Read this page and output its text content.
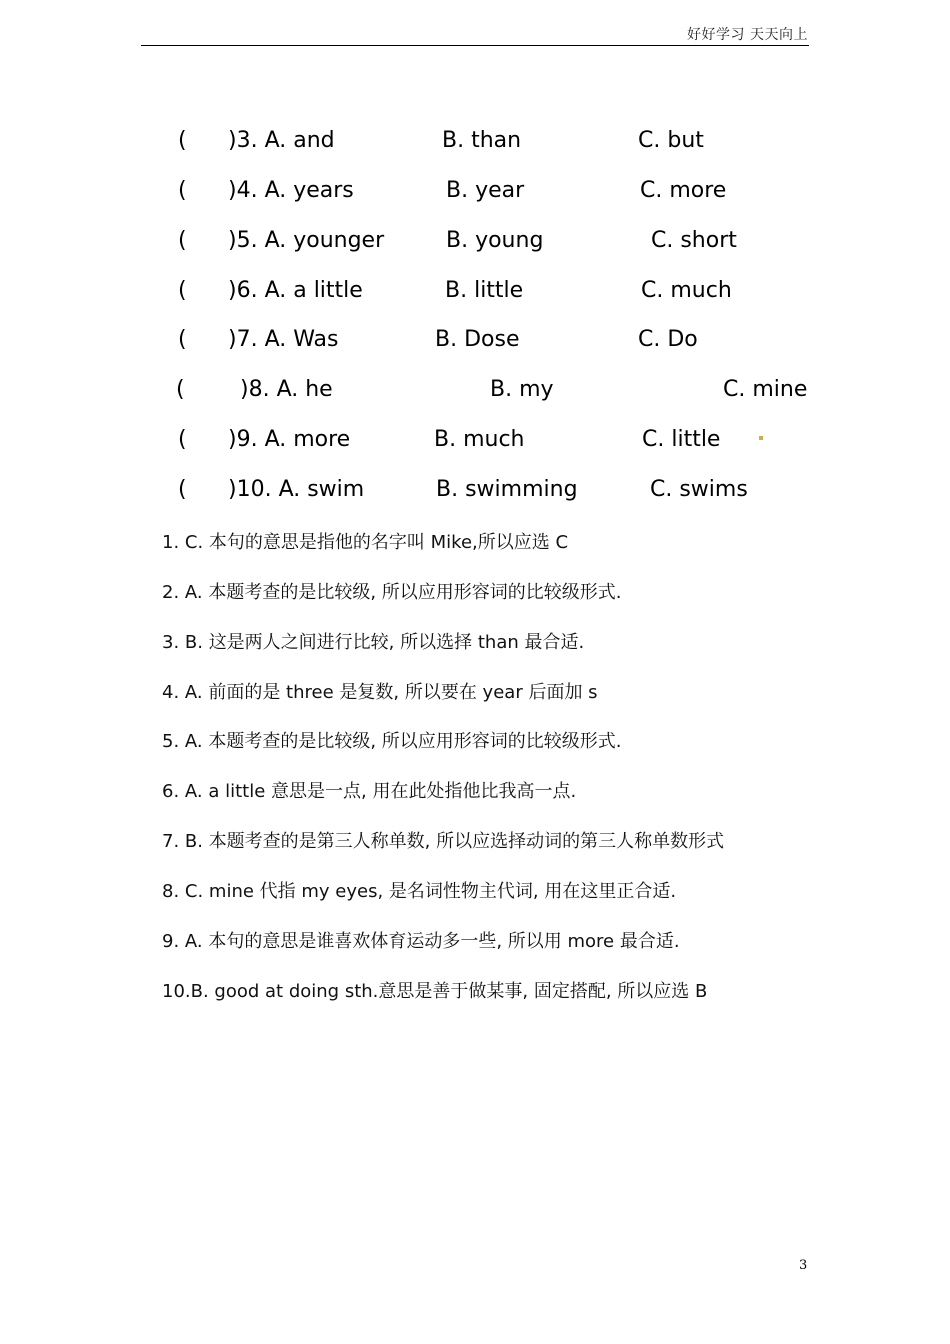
好好学习 天天向上
( )3. A. and	B. than	C. but
( )4. A. years	B. year	C. more
( )5. A. younger	B. young	C. short
( )6. A. a little	B. little	C. much
( )7. A. Was	B. Dose	C. Do
(	)8. A. he	B. my	C. mine
( )9. A. more	B. much	C. little
( )10. A. swim	B. swimming	C. swims
1. C. 本句的意思是指他的名字叫 Mike,所以应选 C
2. A. 本题考查的是比较级, 所以应用形容词的比较级形式.
3. B. 这是两人之间进行比较, 所以选择 than 最合适.
4. A. 前面的是 three 是复数, 所以要在 year 后面加 s
5. A. 本题考查的是比较级, 所以应用形容词的比较级形式.
6. A. a little 意思是一点, 用在此处指他比我高一点.
7. B. 本题考查的是第三人称单数, 所以应选择动词的第三人称单数形式
8. C. mine 代指 my eyes, 是名词性物主代词, 用在这里正合适.
9. A. 本句的意思是谁喜欢体育运动多一些, 所以用 more 最合适.
10.B. good at doing sth.意思是善于做某事, 固定搭配, 所以应选 B
3
